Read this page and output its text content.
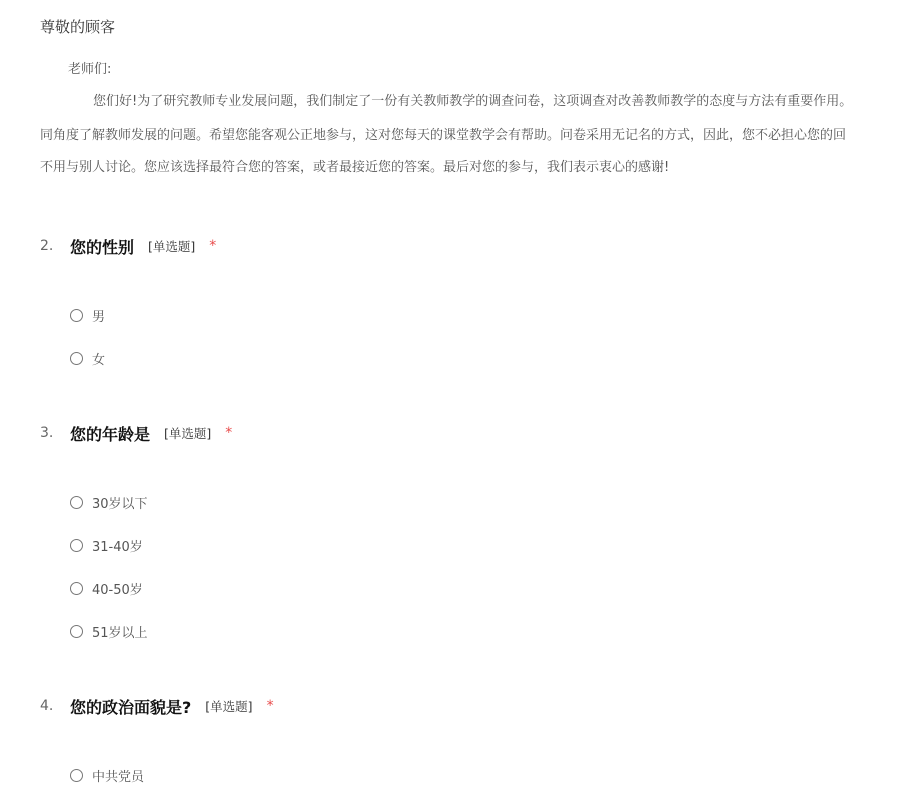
尊敬的顾客
老师们:
您们好!为了研究教师专业发展问题，我们制定了一份有关教师教学的调查问卷，这项调查对改善教师教学的态度与方法有重要作用。
同角度了解教师发展的问题。希望您能客观公正地参与，这对您每天的课堂教学会有帮助。问卷采用无记名的方式，因此，您不必担心您的回
不用与别人讨论。您应该选择最符合您的答案，或者最接近您的答案。最后对您的参与，我们表示衷心的感谢!
2.	您的性别 [单选题] *
男
女
3.	您的年龄是 [单选题] *
30岁以下
31-40岁
40-50岁
51岁以上
4.	您的政治面貌是? [单选题] *
中共党员
